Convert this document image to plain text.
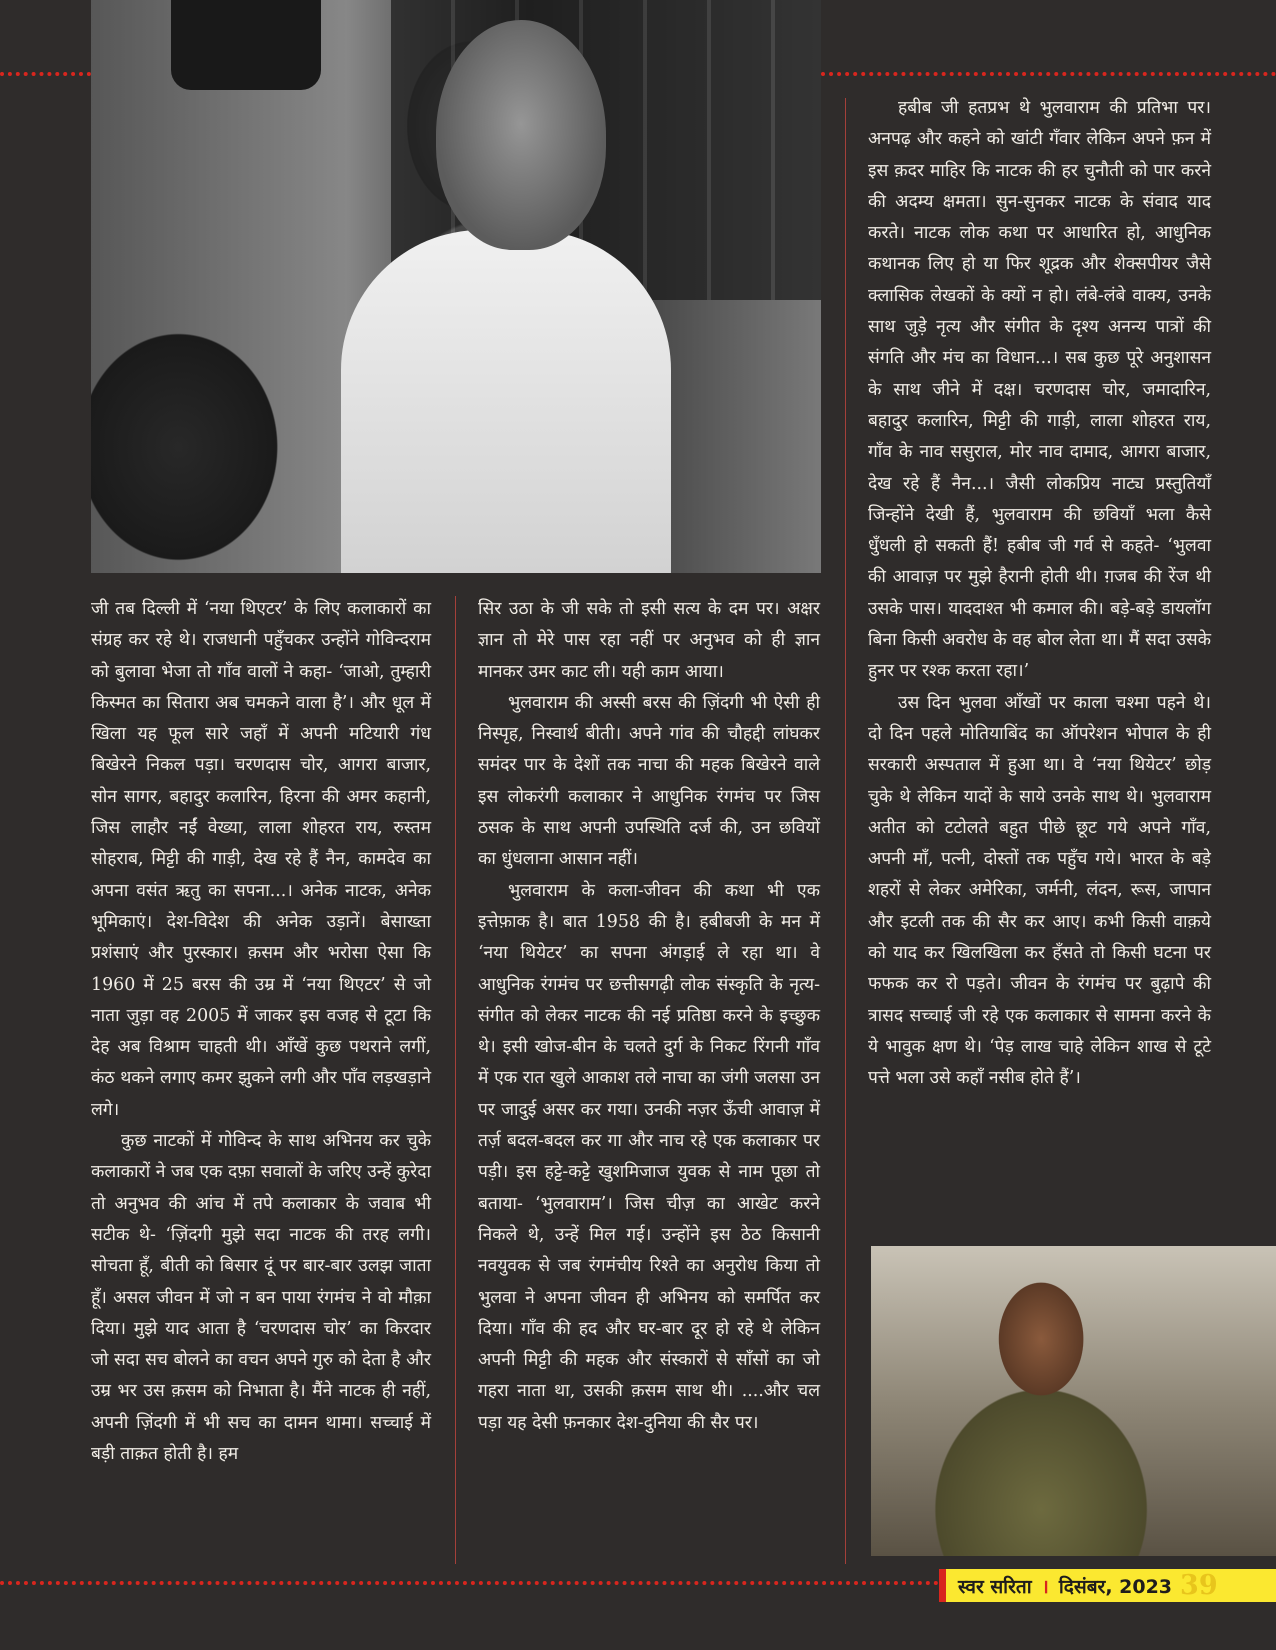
जी तब दिल्ली में ‘नया थिएटर’ के लिए कलाकारों का संग्रह कर रहे थे। राजधानी पहुँचकर उन्होंने गोविन्दराम को बुलावा भेजा तो गाँव वालों ने कहा- ‘जाओ, तुम्हारी किस्मत का सितारा अब चमकने वाला है’। और धूल में खिला यह फूल सारे जहाँ में अपनी मटियारी गंध बिखेरने निकल पड़ा। चरणदास चोर, आगरा बाजार, सोन सागर, बहादुर कलारिन, हिरना की अमर कहानी, जिस लाहौर नईं वेख्या, लाला शोहरत राय, रुस्तम सोहराब, मिट्टी की गाड़ी, देख रहे हैं नैन, कामदेव का अपना वसंत ऋतु का सपना...। अनेक नाटक, अनेक भूमिकाएं। देश-विदेश की अनेक उड़ानें। बेसाख्ता प्रशंसाएं और पुरस्कार। क़सम और भरोसा ऐसा कि 1960 में 25 बरस की उम्र में ‘नया थिएटर’ से जो नाता जुड़ा वह 2005 में जाकर इस वजह से टूटा कि देह अब विश्राम चाहती थी। आँखें कुछ पथराने लगीं, कंठ थकने लगाए कमर झुकने लगी और पाँव लड़खड़ाने लगे।

कुछ नाटकों में गोविन्द के साथ अभिनय कर चुके कलाकारों ने जब एक दफ़ा सवालों के जरिए उन्हें कुरेदा तो अनुभव की आंच में तपे कलाकार के जवाब भी सटीक थे- ‘ज़िंदगी मुझे सदा नाटक की तरह लगी। सोचता हूँ, बीती को बिसार दूं पर बार-बार उलझ जाता हूँ। असल जीवन में जो न बन पाया रंगमंच ने वो मौक़ा दिया। मुझे याद आता है ‘चरणदास चोर’ का किरदार जो सदा सच बोलने का वचन अपने गुरु को देता है और उम्र भर उस क़सम को निभाता है। मैंने नाटक ही नहीं, अपनी ज़िंदगी में भी सच का दामन थामा। सच्चाई में बड़ी ताक़त होती है। हम

सिर उठा के जी सके तो इसी सत्य के दम पर। अक्षर ज्ञान तो मेरे पास रहा नहीं पर अनुभव को ही ज्ञान मानकर उमर काट ली। यही काम आया।

भुलवाराम की अस्सी बरस की ज़िंदगी भी ऐसी ही निस्पृह, निस्वार्थ बीती। अपने गांव की चौहद्दी लांघकर समंदर पार के देशों तक नाचा की महक बिखेरने वाले इस लोकरंगी कलाकार ने आधुनिक रंगमंच पर जिस ठसक के साथ अपनी उपस्थिति दर्ज की, उन छवियों का धुंधलाना आसान नहीं।

भुलवाराम के कला-जीवन की कथा भी एक इत्तेफ़ाक है। बात 1958 की है। हबीबजी के मन में ‘नया थियेटर’ का सपना अंगड़ाई ले रहा था। वे आधुनिक रंगमंच पर छत्तीसगढ़ी लोक संस्कृति के नृत्य-संगीत को लेकर नाटक की नई प्रतिष्ठा करने के इच्छुक थे। इसी खोज-बीन के चलते दुर्ग के निकट रिंगनी गाँव में एक रात खुले आकाश तले नाचा का जंगी जलसा उन पर जादुई असर कर गया। उनकी नज़र ऊँची आवाज़ में तर्ज़ बदल-बदल कर गा और नाच रहे एक कलाकार पर पड़ी। इस हट्टे-कट्टे खुशमिजाज युवक से नाम पूछा तो बताया- ‘भुलवाराम’। जिस चीज़ का आखेट करने निकले थे, उन्हें मिल गई। उन्होंने इस ठेठ किसानी नवयुवक से जब रंगमंचीय रिश्ते का अनुरोध किया तो भुलवा ने अपना जीवन ही अभिनय को समर्पित कर दिया। गाँव की हद और घर-बार दूर हो रहे थे लेकिन अपनी मिट्टी की महक और संस्कारों से साँसों का जो गहरा नाता था, उसकी क़सम साथ थी। ....और चल पड़ा यह देसी फ़नकार देश-दुनिया की सैर पर।

हबीब जी हतप्रभ थे भुलवाराम की प्रतिभा पर। अनपढ़ और कहने को खांटी गँवार लेकिन अपने फ़न में इस क़दर माहिर कि नाटक की हर चुनौती को पार करने की अदम्य क्षमता। सुन-सुनकर नाटक के संवाद याद करते। नाटक लोक कथा पर आधारित हो, आधुनिक कथानक लिए हो या फिर शूद्रक और शेक्सपीयर जैसे क्लासिक लेखकों के क्यों न हो। लंबे-लंबे वाक्य, उनके साथ जुड़े नृत्य और संगीत के दृश्य अनन्य पात्रों की संगति और मंच का विधान...। सब कुछ पूरे अनुशासन के साथ जीने में दक्ष। चरणदास चोर, जमादारिन, बहादुर कलारिन, मिट्टी की गाड़ी, लाला शोहरत राय, गाँव के नाव ससुराल, मोर नाव दामाद, आगरा बाजार, देख रहे हैं नैन...। जैसी लोकप्रिय नाट्य प्रस्तुतियाँ जिन्होंने देखी हैं, भुलवाराम की छवियाँ भला कैसे धुँधली हो सकती हैं! हबीब जी गर्व से कहते- ‘भुलवा की आवाज़ पर मुझे हैरानी होती थी। ग़जब की रेंज थी उसके पास। याददाश्त भी कमाल की। बड़े-बड़े डायलॉग बिना किसी अवरोध के वह बोल लेता था। मैं सदा उसके हुनर पर रश्क करता रहा।’

उस दिन भुलवा आँखों पर काला चश्मा पहने थे। दो दिन पहले मोतियाबिंद का ऑपरेशन भोपाल के ही सरकारी अस्पताल में हुआ था। वे ‘नया थियेटर’ छोड़ चुके थे लेकिन यादों के साये उनके साथ थे। भुलवाराम अतीत को टटोलते बहुत पीछे छूट गये अपने गाँव, अपनी माँ, पत्नी, दोस्तों तक पहुँच गये। भारत के बड़े शहरों से लेकर अमेरिका, जर्मनी, लंदन, रूस, जापान और इटली तक की सैर कर आए। कभी किसी वाक़ये को याद कर खिलखिला कर हँसते तो किसी घटना पर फफक कर रो पड़ते। जीवन के रंगमंच पर बुढ़ापे की त्रासद सच्चाई जी रहे एक कलाकार से सामना करने के ये भावुक क्षण थे। ‘पेड़ लाख चाहे लेकिन शाख से टूटे पत्ते भला उसे कहाँ नसीब होते हैं’।

स्वर सरिता । दिसंबर, 2023 39
